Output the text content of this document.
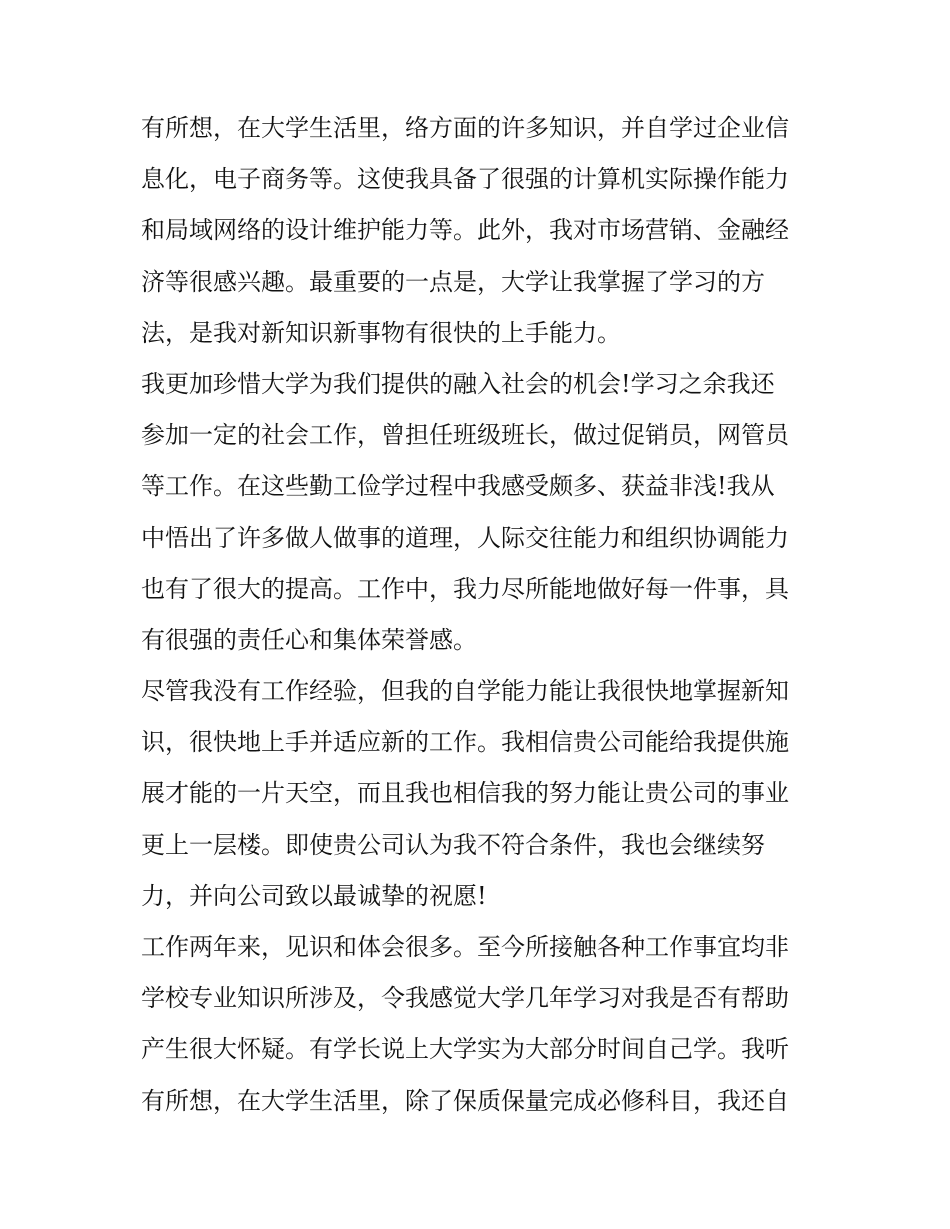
有所想，在大学生活里，络方面的许多知识，并自学过企业信
息化，电子商务等。这使我具备了很强的计算机实际操作能力
和局域网络的设计维护能力等。此外，我对市场营销、金融经
济等很感兴趣。最重要的一点是，大学让我掌握了学习的方
法，是我对新知识新事物有很快的上手能力。
我更加珍惜大学为我们提供的融入社会的机会!学习之余我还
参加一定的社会工作，曾担任班级班长，做过促销员，网管员
等工作。在这些勤工俭学过程中我感受颇多、获益非浅!我从
中悟出了许多做人做事的道理，人际交往能力和组织协调能力
也有了很大的提高。工作中，我力尽所能地做好每一件事，具
有很强的责任心和集体荣誉感。
尽管我没有工作经验，但我的自学能力能让我很快地掌握新知
识，很快地上手并适应新的工作。我相信贵公司能给我提供施
展才能的一片天空，而且我也相信我的努力能让贵公司的事业
更上一层楼。即使贵公司认为我不符合条件，我也会继续努
力，并向公司致以最诚挚的祝愿!
工作两年来，见识和体会很多。至今所接触各种工作事宜均非
学校专业知识所涉及，令我感觉大学几年学习对我是否有帮助
产生很大怀疑。有学长说上大学实为大部分时间自己学。我听
有所想，在大学生活里，除了保质保量完成必修科目，我还自
